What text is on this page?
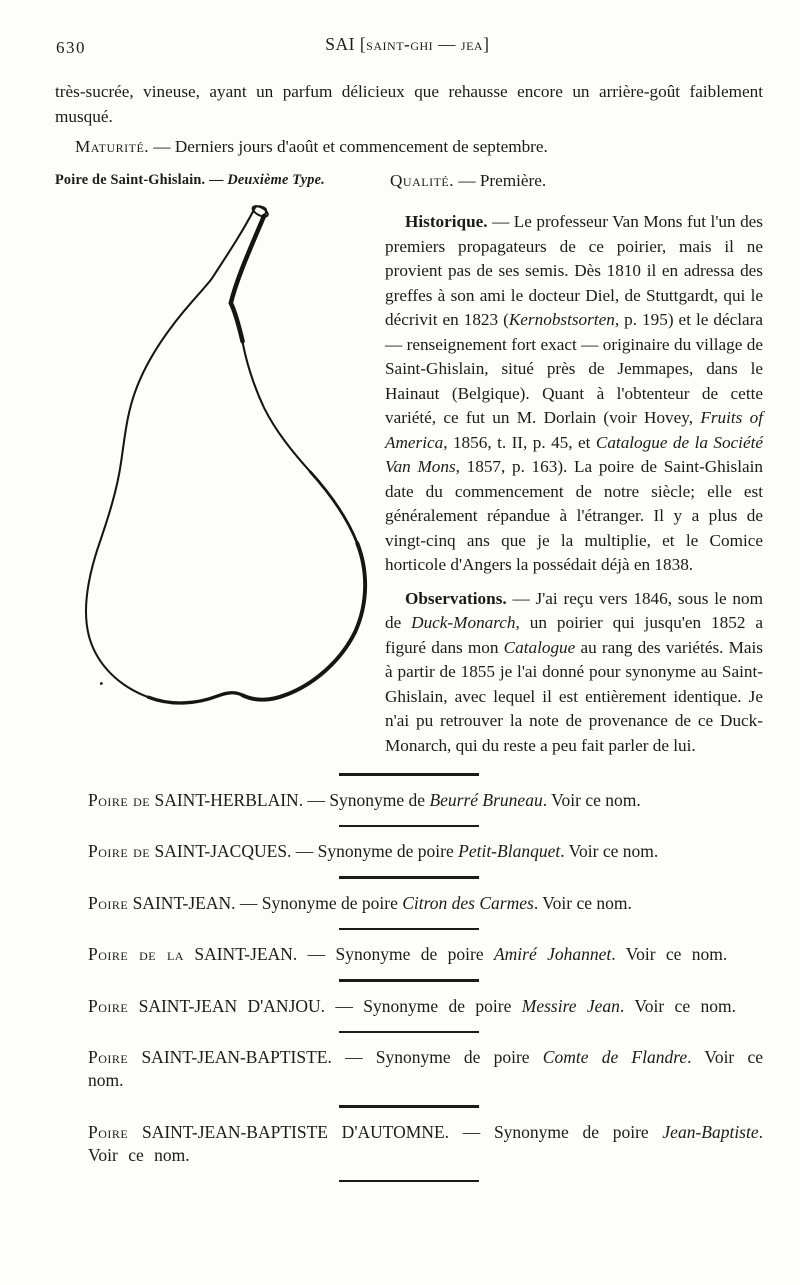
630	SAI [saint-ghi — jea]

très-sucrée, vineuse, ayant un parfum délicieux que rehausse encore un arrière-goût faiblement musqué.

Maturité. — Derniers jours d'août et commencement de septembre.

Poire de Saint-Ghislain. — Deuxième Type.	Qualité. — Première.

Historique. — Le professeur Van Mons fut l'un des premiers propagateurs de ce poirier, mais il ne provient pas de ses semis. Dès 1810 il en adressa des greffes à son ami le docteur Diel, de Stuttgardt, qui le décrivit en 1823 (Kernobstsorten, p. 195) et le déclara — renseignement fort exact — originaire du village de Saint-Ghislain, situé près de Jemmapes, dans le Hainaut (Belgique). Quant à l'obtenteur de cette variété, ce fut un M. Dorlain (voir Hovey, Fruits of America, 1856, t. II, p. 45, et Catalogue de la Société Van Mons, 1857, p. 163). La poire de Saint-Ghislain date du commencement de notre siècle; elle est généralement répandue à l'étranger. Il y a plus de vingt-cinq ans que je la multiplie, et le Comice horticole d'Angers la possédait déjà en 1838.

Observations. — J'ai reçu vers 1846, sous le nom de Duck-Monarch, un poirier qui jusqu'en 1852 a figuré dans mon Catalogue au rang des variétés. Mais à partir de 1855 je l'ai donné pour synonyme au Saint-Ghislain, avec lequel il est entièrement identique. Je n'ai pu retrouver la note de provenance de ce Duck-Monarch, qui du reste a peu fait parler de lui.

Poire de SAINT-HERBLAIN. — Synonyme de Beurré Bruneau. Voir ce nom.

Poire de SAINT-JACQUES. — Synonyme de poire Petit-Blanquet. Voir ce nom.

Poire SAINT-JEAN. — Synonyme de poire Citron des Carmes. Voir ce nom.

Poire de la SAINT-JEAN. — Synonyme de poire Amiré Johannet. Voir ce nom.

Poire SAINT-JEAN D'ANJOU. — Synonyme de poire Messire Jean. Voir ce nom.

Poire SAINT-JEAN-BAPTISTE. — Synonyme de poire Comte de Flandre. Voir ce nom.

Poire SAINT-JEAN-BAPTISTE D'AUTOMNE. — Synonyme de poire Jean-Baptiste. Voir ce nom.
